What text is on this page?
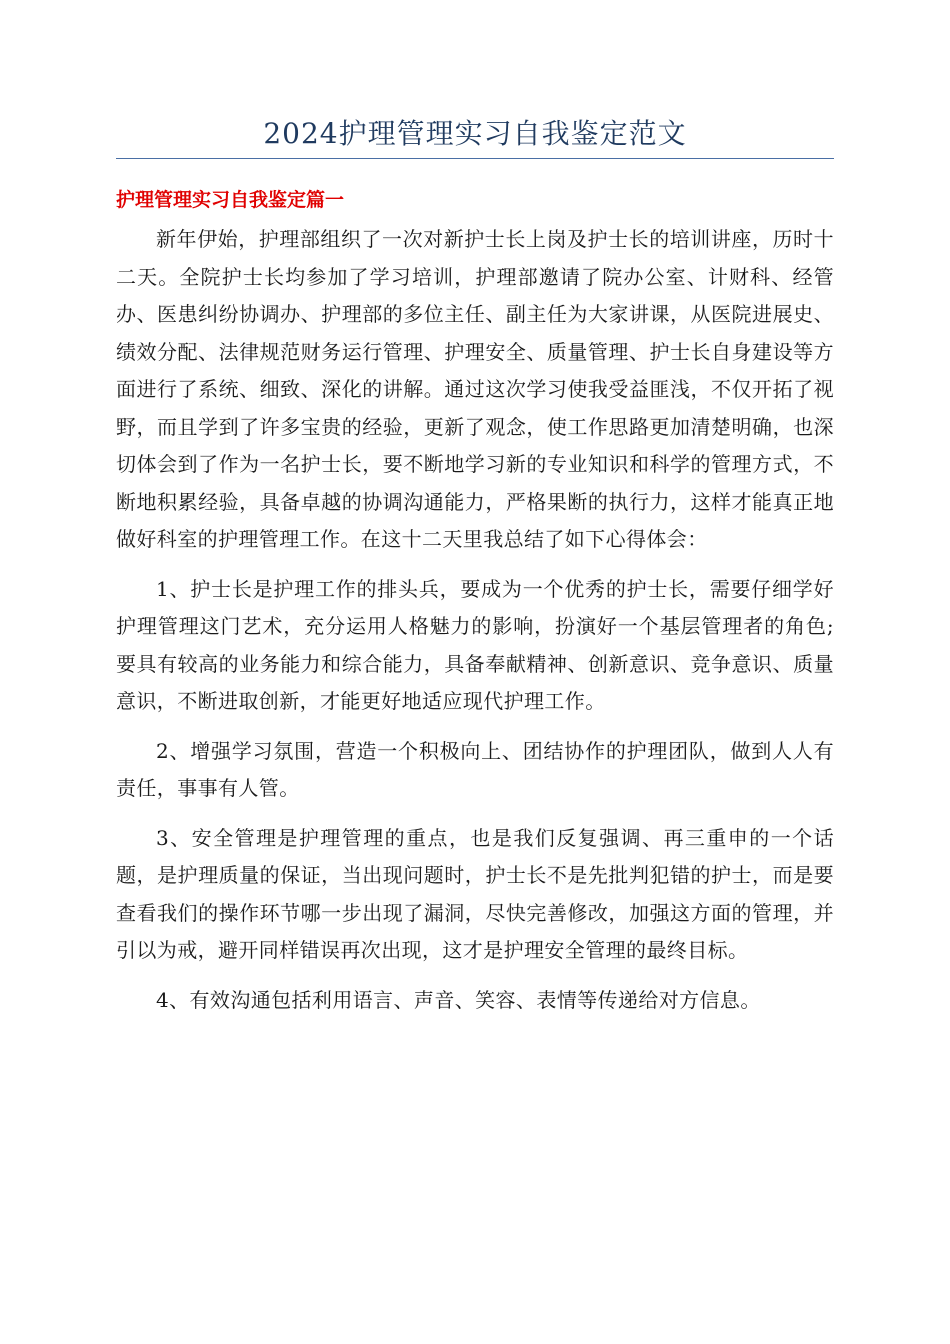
2024护理管理实习自我鉴定范文
护理管理实习自我鉴定篇一

新年伊始，护理部组织了一次对新护士长上岗及护士长的培训讲座，历时十二天。全院护士长均参加了学习培训，护理部邀请了院办公室、计财科、经管办、医患纠纷协调办、护理部的多位主任、副主任为大家讲课，从医院进展史、绩效分配、法律规范财务运行管理、护理安全、质量管理、护士长自身建设等方面进行了系统、细致、深化的讲解。通过这次学习使我受益匪浅，不仅开拓了视野，而且学到了许多宝贵的经验，更新了观念，使工作思路更加清楚明确，也深切体会到了作为一名护士长，要不断地学习新的专业知识和科学的管理方式，不断地积累经验，具备卓越的协调沟通能力，严格果断的执行力，这样才能真正地做好科室的护理管理工作。在这十二天里我总结了如下心得体会：

1、护士长是护理工作的排头兵，要成为一个优秀的护士长，需要仔细学好护理管理这门艺术，充分运用人格魅力的影响，扮演好一个基层管理者的角色;要具有较高的业务能力和综合能力，具备奉献精神、创新意识、竞争意识、质量意识，不断进取创新，才能更好地适应现代护理工作。

2、增强学习氛围，营造一个积极向上、团结协作的护理团队，做到人人有责任，事事有人管。

3、安全管理是护理管理的重点，也是我们反复强调、再三重申的一个话题，是护理质量的保证，当出现问题时，护士长不是先批判犯错的护士，而是要查看我们的操作环节哪一步出现了漏洞，尽快完善修改，加强这方面的管理，并引以为戒，避开同样错误再次出现，这才是护理安全管理的最终目标。

4、有效沟通包括利用语言、声音、笑容、表情等传递给对方信息。
